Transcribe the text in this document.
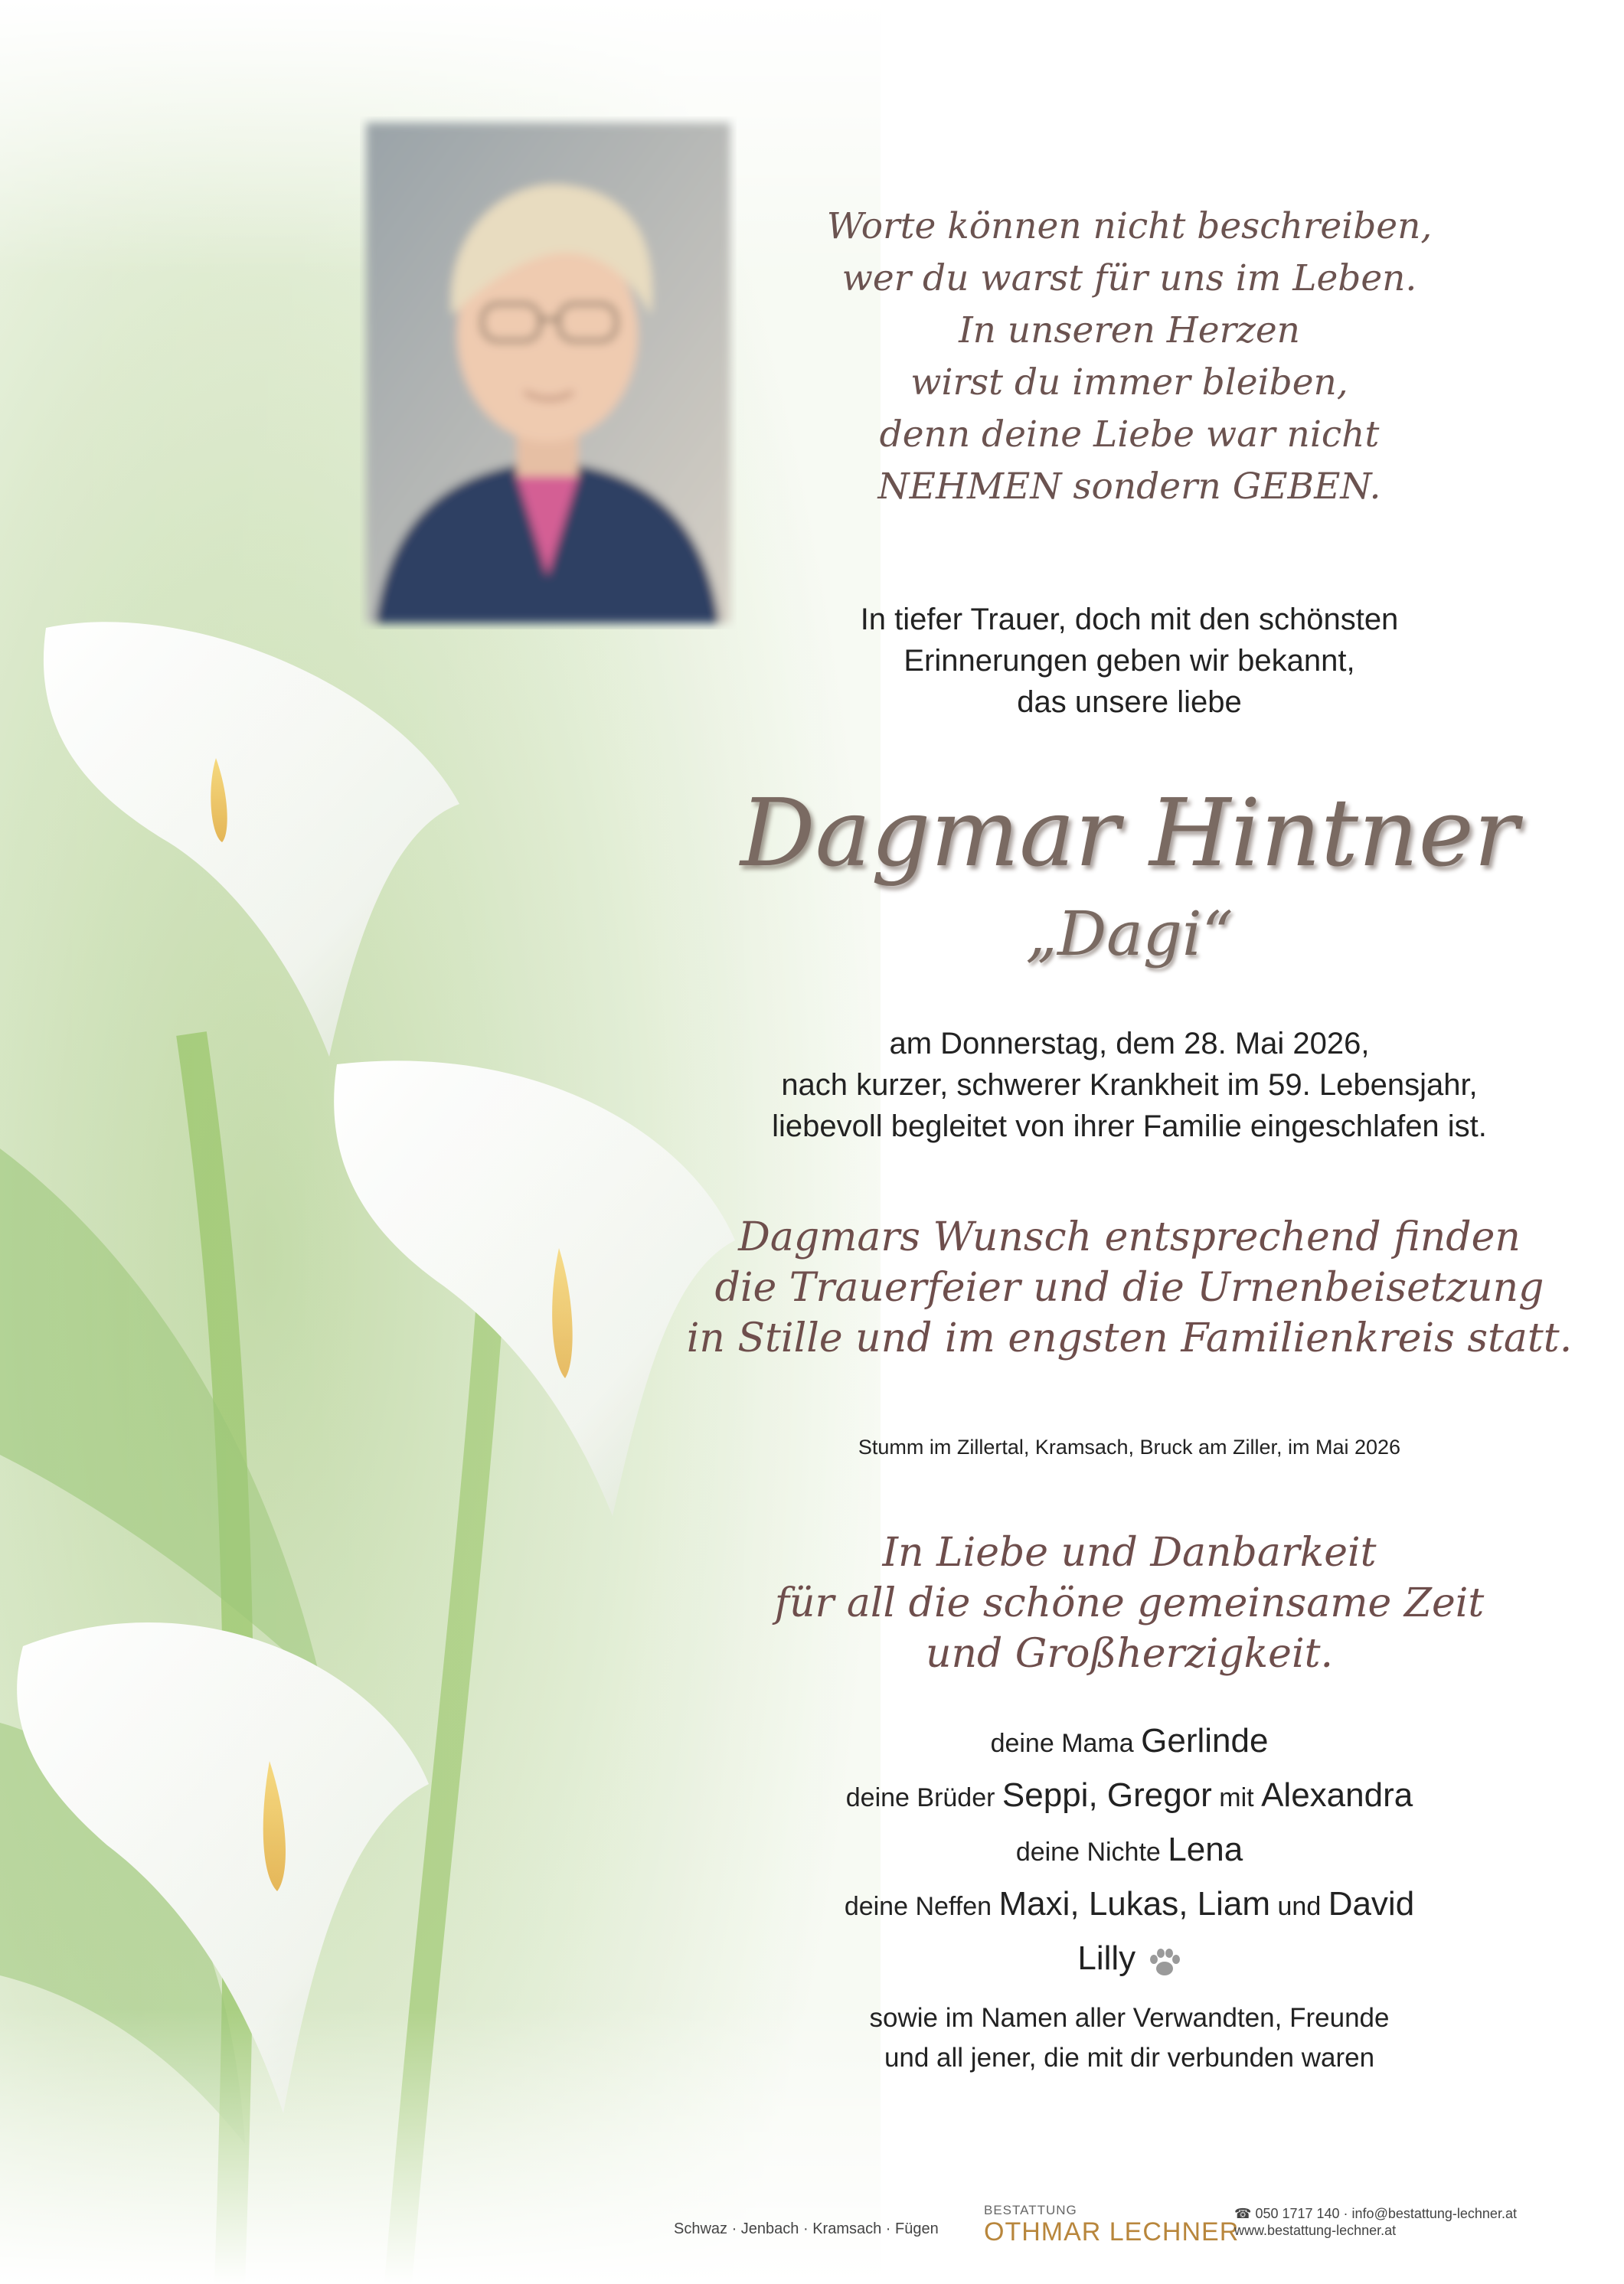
Worte können nicht beschreiben,
wer du warst für uns im Leben.
In unseren Herzen
wirst du immer bleiben,
denn deine Liebe war nicht
NEHMEN sondern GEBEN.
In tiefer Trauer, doch mit den schönsten
Erinnerungen geben wir bekannt,
das unsere liebe
Dagmar Hintner
„Dagi“
am Donnerstag, dem 28. Mai 2026,
nach kurzer, schwerer Krankheit im 59. Lebensjahr,
liebevoll begleitet von ihrer Familie eingeschlafen ist.
Dagmars Wunsch entsprechend finden
die Trauerfeier und die Urnenbeisetzung
in Stille und im engsten Familienkreis statt.
Stumm im Zillertal, Kramsach, Bruck am Ziller, im Mai 2026
In Liebe und Danbarkeit
für all die schöne gemeinsame Zeit
und Großherzigkeit.
deine Mama Gerlinde
deine Brüder Seppi, Gregor mit Alexandra
deine Nichte Lena
deine Neffen Maxi, Lukas, Liam und David
Lilly
sowie im Namen aller Verwandten, Freunde
und all jener, die mit dir verbunden waren
Schwaz · Jenbach · Kramsach · Fügen
BESTATTUNG
OTHMAR LECHNER
☎ 050 1717 140 · info@bestattung-lechner.at
www.bestattung-lechner.at
